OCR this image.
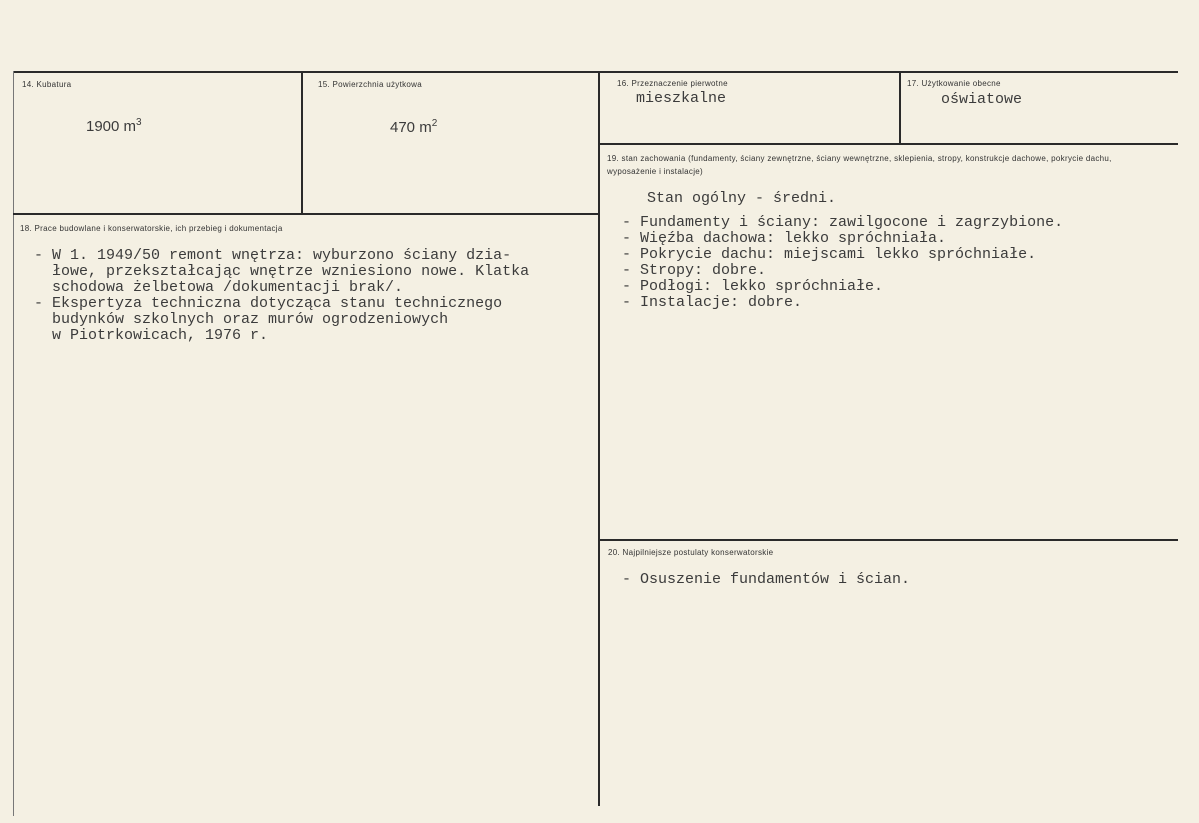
14. Kubatura
1900 $m^3$
15. Powierzchnia użytkowa
470 $m^2$
16. Przeznaczenie pierwotne
mieszkalne
17. Użytkowanie obecne
oświatowe
18. Prace budowlane i konserwatorskie, ich przebieg i dokumentacja
- W 1. 1949/50 remont wnętrza: wyburzono ściany dzia-
łowe, przekształcając wnętrze wzniesiono nowe. Klatka
schodowa żelbetowa /dokumentacji brak/.
- Ekspertyza techniczna dotycząca stanu technicznego
budynków szkolnych oraz murów ogrodzeniowych
w Piotrkowicach, 1976 r.
19. stan zachowania (fundamenty, ściany zewnętrzne, ściany wewnętrzne, sklepienia, stropy, konstrukcje dachowe, pokrycie dachu, wyposażenie i instalacje)
Stan ogólny - średni.
- Fundamenty i ściany: zawilgocone i zagrzybione.
- Więźba dachowa: lekko spróchniała.
- Pokrycie dachu: miejscami lekko spróchniałe.
- Stropy: dobre.
- Podłogi: lekko spróchniałe.
- Instalacje: dobre.
20. Najpilniejsze postulaty konserwatorskie
- Osuszenie fundamentów i ścian.
